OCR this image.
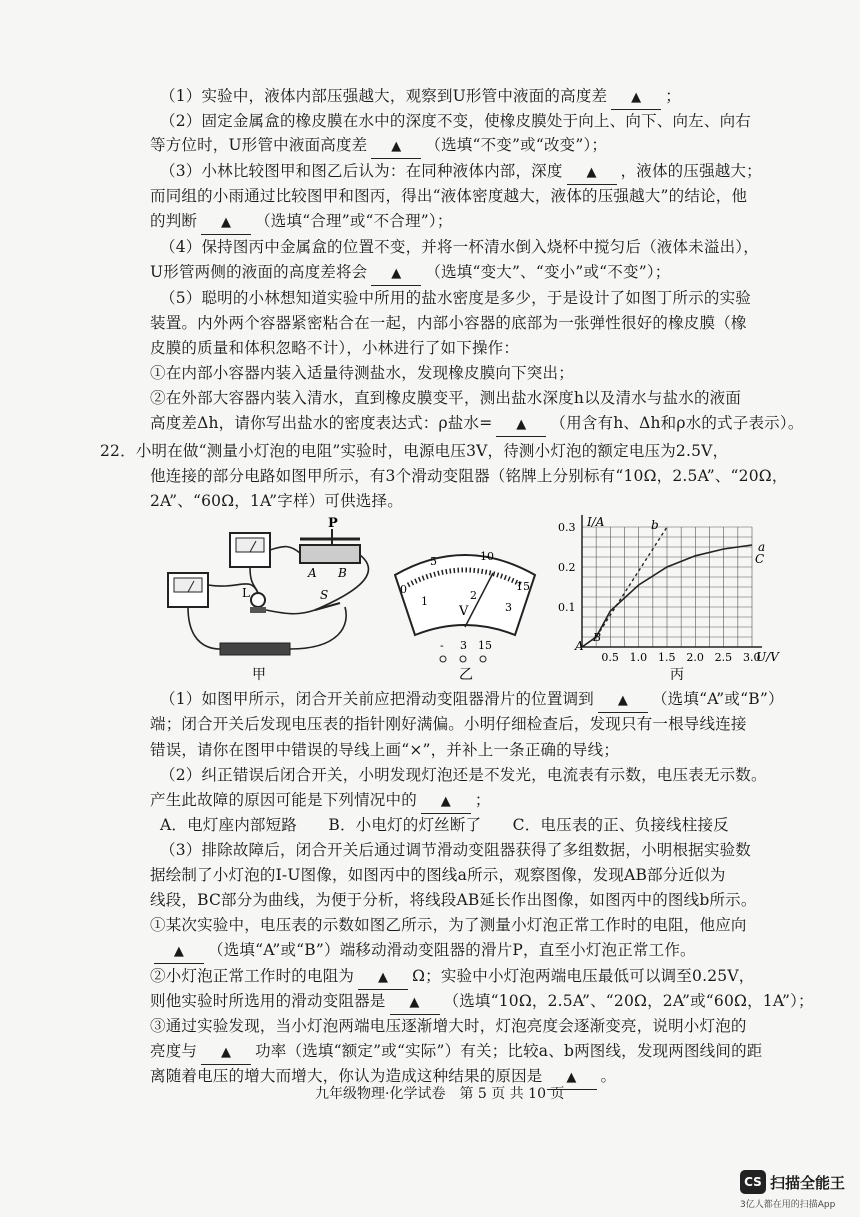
（1）实验中，液体内部压强越大，观察到U形管中液面的高度差 ▲ ；
（2）固定金属盒的橡皮膜在水中的深度不变，使橡皮膜处于向上、向下、向左、向右
等方位时，U形管中液面高度差 ▲ （选填“不变”或“改变”）；
（3）小林比较图甲和图乙后认为：在同种液体内部，深度 ▲ ，液体的压强越大；
而同组的小雨通过比较图甲和图丙，得出“液体密度越大，液体的压强越大”的结论，他
的判断 ▲ （选填“合理”或“不合理”）；
（4）保持图丙中金属盒的位置不变，并将一杯清水倒入烧杯中搅匀后（液体未溢出），
U形管两侧的液面的高度差将会 ▲ （选填“变大”、“变小”或“不变”）；
（5）聪明的小林想知道实验中所用的盐水密度是多少，于是设计了如图丁所示的实验
装置。内外两个容器紧密粘合在一起，内部小容器的底部为一张弹性很好的橡皮膜（橡
皮膜的质量和体积忽略不计），小林进行了如下操作：
①在内部小容器内装入适量待测盐水，发现橡皮膜向下突出；
②在外部大容器内装入清水，直到橡皮膜变平，测出盐水深度h以及清水与盐水的液面
高度差Δh，请你写出盐水的密度表达式：ρ盐水= ▲ （用含有h、Δh和ρ水的式子表示）。
22．小明在做“测量小灯泡的电阻”实验时，电源电压3V，待测小灯泡的额定电压为2.5V，
他连接的部分电路如图甲所示，有3个滑动变阻器（铭牌上分别标有“10Ω，2.5A”、“20Ω，
2A”、“60Ω，1A”字样）可供选择。
P
A B
L	S
甲
0
5	10
15
1	2
3
V
- 3 15
乙
I/A
U/V
0.5 1.0 1.5 2.0 2.5 3.0
0.1
0.2
0.3
A
B
C
a
b
丙
（1）如图甲所示，闭合开关前应把滑动变阻器滑片的位置调到 ▲ （选填“A”或“B”）
端；闭合开关后发现电压表的指针刚好满偏。小明仔细检查后，发现只有一根导线连接
错误，请你在图甲中错误的导线上画“×”，并补上一条正确的导线；
（2）纠正错误后闭合开关，小明发现灯泡还是不发光，电流表有示数，电压表无示数。
产生此故障的原因可能是下列情况中的 ▲ ；
A．电灯座内部短路　　B．小电灯的灯丝断了　　C．电压表的正、负接线柱接反
（3）排除故障后，闭合开关后通过调节滑动变阻器获得了多组数据，小明根据实验数
据绘制了小灯泡的I-U图像，如图丙中的图线a所示，观察图像，发现AB部分近似为
线段，BC部分为曲线，为便于分析，将线段AB延长作出图像，如图丙中的图线b所示。
①某次实验中，电压表的示数如图乙所示，为了测量小灯泡正常工作时的电阻，他应向
▲ （选填“A”或“B”）端移动滑动变阻器的滑片P，直至小灯泡正常工作。
②小灯泡正常工作时的电阻为 ▲ Ω；实验中小灯泡两端电压最低可以调至0.25V，
则他实验时所选用的滑动变阻器是 ▲ （选填“10Ω，2.5A”、“20Ω，2A”或“60Ω，1A”）；
③通过实验发现，当小灯泡两端电压逐渐增大时，灯泡亮度会逐渐变亮，说明小灯泡的
亮度与 ▲ 功率（选填“额定”或“实际”）有关；比较a、b两图线，发现两图线间的距
离随着电压的增大而增大，你认为造成这种结果的原因是 ▲ 。
九年级物理·化学试卷　第 5 页 共 10 页
CS 扫描全能王
3亿人都在用的扫描App
